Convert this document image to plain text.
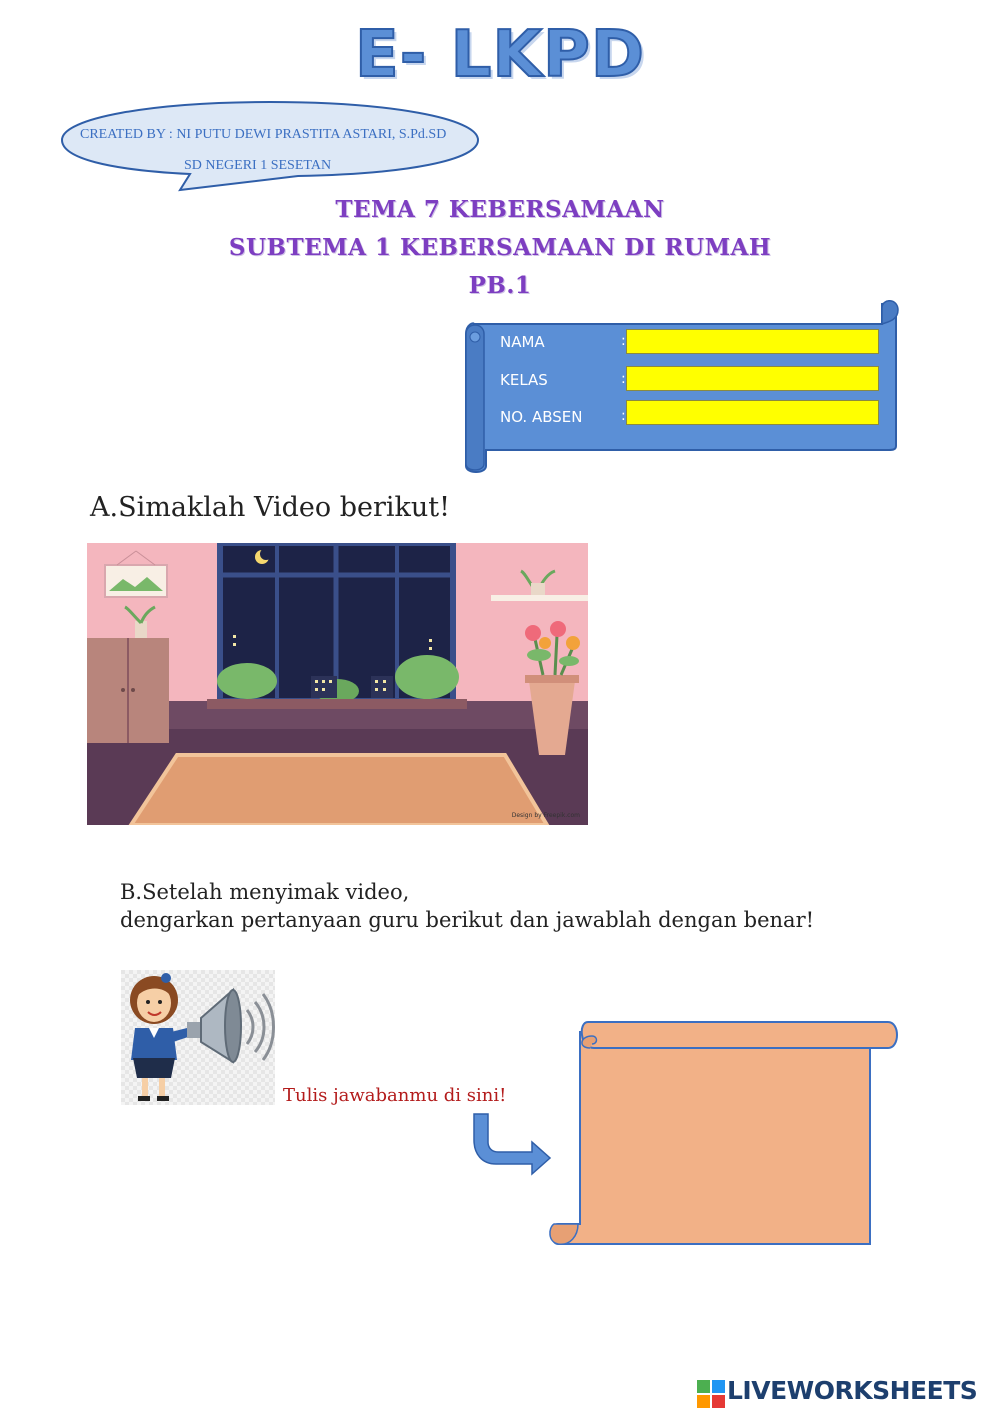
E- LKPD
CREATED BY : NI PUTU DEWI PRASTITA ASTARI, S.Pd.SD
SD NEGERI 1 SESETAN
TEMA 7 KEBERSAMAAN
SUBTEMA 1 KEBERSAMAAN DI RUMAH
PB.1
NAMA	:
KELAS	:
NO. ABSEN	:
A.Simaklah Video berikut!
Design by Freepik.com
B.Setelah menyimak video,
dengarkan pertanyaan guru berikut dan jawablah dengan benar!
Tulis jawabanmu di sini!
LIVEWORKSHEETS
